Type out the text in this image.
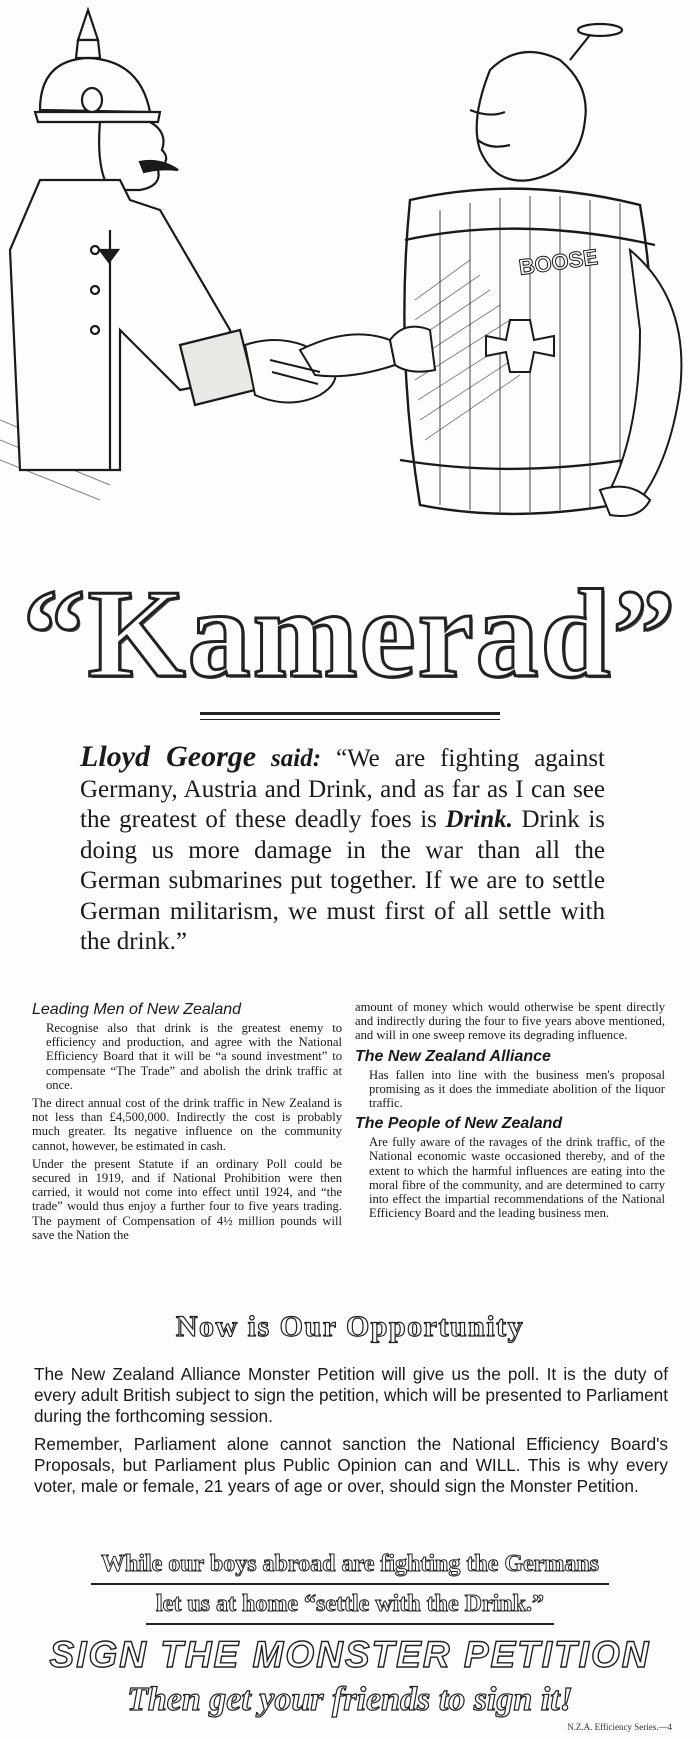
BOOSE
“Kamerad”
Lloyd George said: “We are fighting against Germany, Austria and Drink, and as far as I can see the greatest of these deadly foes is Drink. Drink is doing us more damage in the war than all the German submarines put together. If we are to settle German militarism, we must first of all settle with the drink.”
Leading Men of New Zealand

Recognise also that drink is the greatest enemy to efficiency and production, and agree with the National Efficiency Board that it will be “a sound investment” to compensate “The Trade” and abolish the drink traffic at once.

The direct annual cost of the drink traffic in New Zealand is not less than £4,500,000. Indirectly the cost is probably much greater. Its negative influence on the community cannot, however, be estimated in cash.

Under the present Statute if an ordinary Poll could be secured in 1919, and if National Prohibition were then carried, it would not come into effect until 1924, and “the trade” would thus enjoy a further four to five years trading. The payment of Compensation of 4½ million pounds will save the Nation the

amount of money which would otherwise be spent directly and indirectly during the four to five years above mentioned, and will in one sweep remove its degrading influence.

The New Zealand Alliance

Has fallen into line with the business men's proposal promising as it does the immediate abolition of the liquor traffic.

The People of New Zealand

Are fully aware of the ravages of the drink traffic, of the National economic waste occasioned thereby, and of the extent to which the harmful influences are eating into the moral fibre of the community, and are determined to carry into effect the impartial recommendations of the National Efficiency Board and the leading business men.

Now is Our Opportunity

The New Zealand Alliance Monster Petition will give us the poll. It is the duty of every adult British subject to sign the petition, which will be presented to Parliament during the forthcoming session.

Remember, Parliament alone cannot sanction the National Efficiency Board's Proposals, but Parliament plus Public Opinion can and WILL. This is why every voter, male or female, 21 years of age or over, should sign the Monster Petition.

While our boys abroad are fighting the Germans
let us at home “settle with the Drink.”
SIGN THE MONSTER PETITION
Then get your friends to sign it!
N.Z.A. Efficiency Series.—4
